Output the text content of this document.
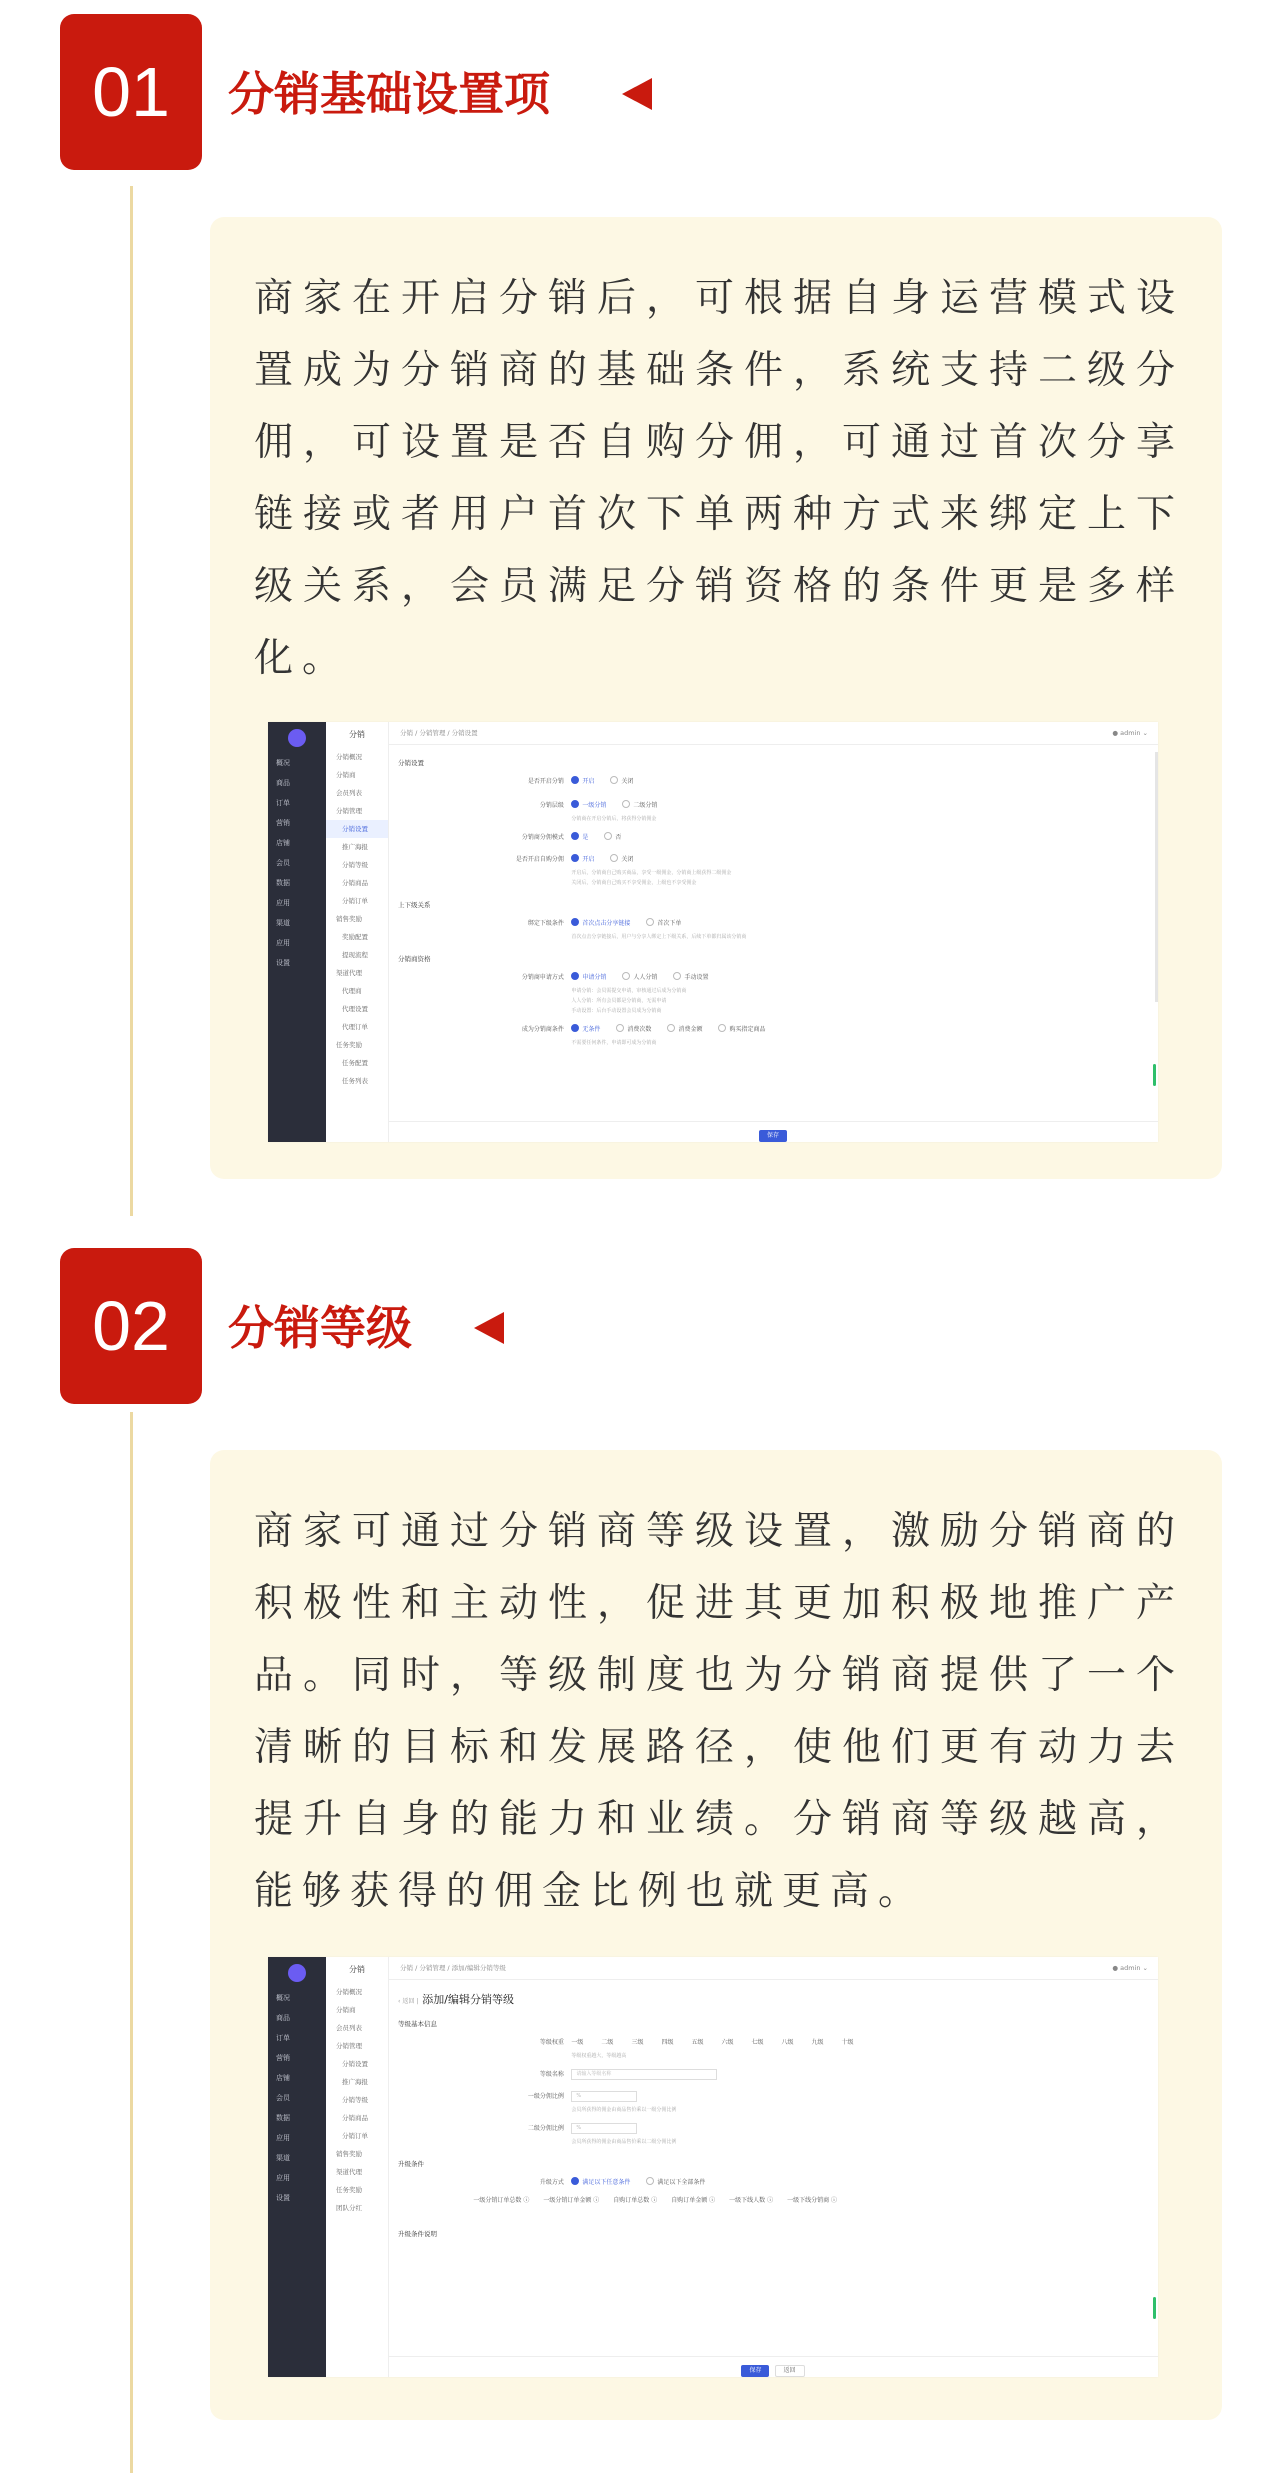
01	分销基础设置项

商家在开启分销后，可根据自身运营模式设置成为分销商的基础条件，系统支持二级分佣，可设置是否自购分佣，可通过首次分享链接或者用户首次下单两种方式来绑定上下级关系，会员满足分销资格的条件更是多样化。

概况
商品
订单
营销
店铺
会员
数据
应用
渠道
应用
设置
分销
分销概况
分销商
会员列表
分销管理
分销设置
推广海报
分销等级
分销商品
分销订单
销售奖励
奖励配置
提现流程
渠道代理
代理商
代理设置
代理订单
任务奖励
任务配置
任务列表
分销 / 分销管理 / 分销设置	● admin ⌄
分销设置
是否开启分销	开启	关闭
分销层级	一级分销	二级分销
分销商在开启分销后，将获得分销佣金
分销商分佣模式	是	否
是否开启自购分佣	开启	关闭
开启后，分销商自己购买商品，享受一级佣金，分销商上级获得二级佣金
关闭后，分销商自己购买不享受佣金，上级也不享受佣金
上下级关系
绑定下级条件	首次点击分享链接	首次下单
首次点击分享链接后，用户与分享人绑定上下级关系，后续下单都归属该分销商
分销商资格
分销商申请方式	申请分销	人人分销	手动设置
申请分销：会员需提交申请，审核通过后成为分销商
人人分销：所有会员都是分销商，无需申请
手动设置：后台手动设置会员成为分销商
成为分销商条件	无条件	消费次数	消费金额	购买指定商品
不需要任何条件，申请即可成为分销商
保存
02	分销等级

商家可通过分销商等级设置，激励分销商的积极性和主动性，促进其更加积极地推广产品。同时，等级制度也为分销商提供了一个清晰的目标和发展路径，使他们更有动力去提升自身的能力和业绩。分销商等级越高，能够获得的佣金比例也就更高。

概况
商品
订单
营销
店铺
会员
数据
应用
渠道
应用
设置
分销
分销概况
分销商
会员列表
分销管理
分销设置
推广海报
分销等级
分销商品
分销订单
销售奖励
渠道代理
任务奖励
团队分红
分销 / 分销管理 / 添加/编辑分销等级	● admin ⌄
‹ 返回 | 添加/编辑分销等级
等级基本信息
等级权重 一级	二级	三级	四级	五级	六级	七级	八级	九级	十级
等级权重越大，等级越高
等级名称	请输入等级名称
一级分佣比例	%
会员所获得的佣金由商品售价乘以一级分佣比例
二级分佣比例	%
会员所获得的佣金由商品售价乘以二级分佣比例
升级条件
升级方式	满足以下任意条件	满足以下全部条件
一级分销订单总数 ⓘ 一级分销订单金额 ⓘ 自购订单总数 ⓘ 自购订单金额 ⓘ 一级下线人数 ⓘ 一级下线分销商 ⓘ
升级条件说明
保存	返回
